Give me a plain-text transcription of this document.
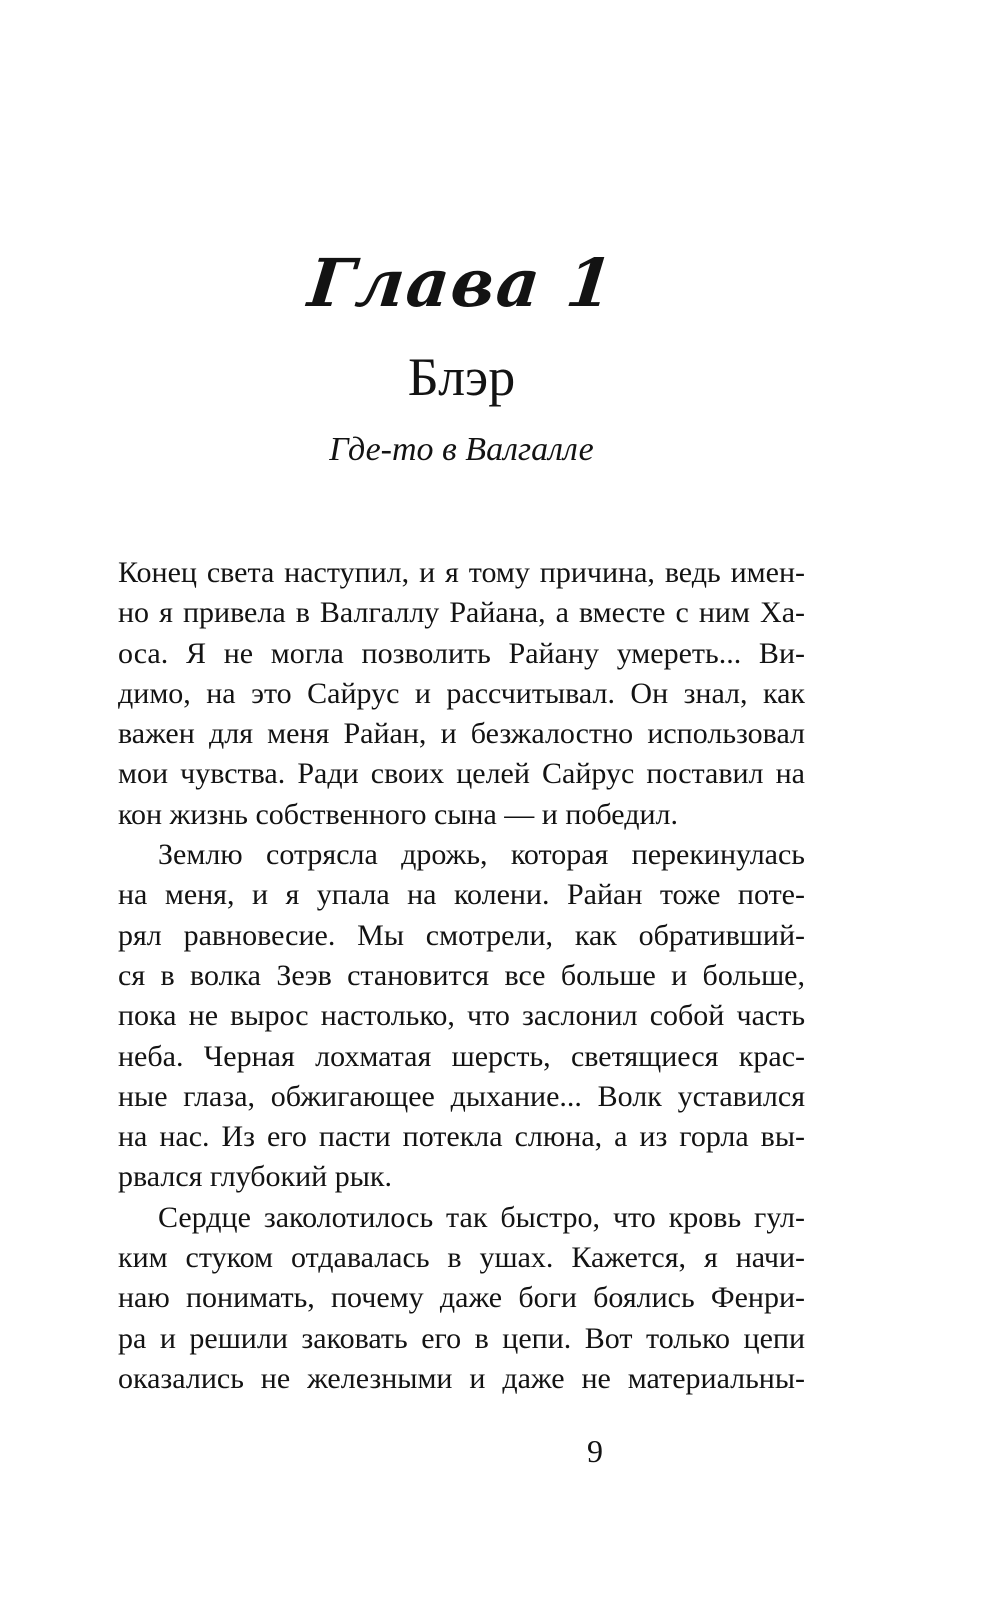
Глава 1
Блэр

Где-то в Валгалле

Конец света наступил, и я тому причина, ведь имен-
но я привела в Валгаллу Райана, а вместе с ним Ха-
оса. Я не могла позволить Райану умереть... Ви-
димо, на это Сайрус и рассчитывал. Он знал, как
важен для меня Райан, и безжалостно использовал
мои чувства. Ради своих целей Сайрус поставил на
кон жизнь собственного сына — и победил.

Землю сотрясла дрожь, которая перекинулась
на меня, и я упала на колени. Райан тоже поте-
рял равновесие. Мы смотрели, как обративший-
ся в волка Зеэв становится все больше и больше,
пока не вырос настолько, что заслонил собой часть
неба. Черная лохматая шерсть, светящиеся крас-
ные глаза, обжигающее дыхание... Волк уставился
на нас. Из его пасти потекла слюна, а из горла вы-
рвался глубокий рык.

Сердце заколотилось так быстро, что кровь гул-
ким стуком отдавалась в ушах. Кажется, я начи-
наю понимать, почему даже боги боялись Фенри-
ра и решили заковать его в цепи. Вот только цепи
оказались не железными и даже не материальны-

9
